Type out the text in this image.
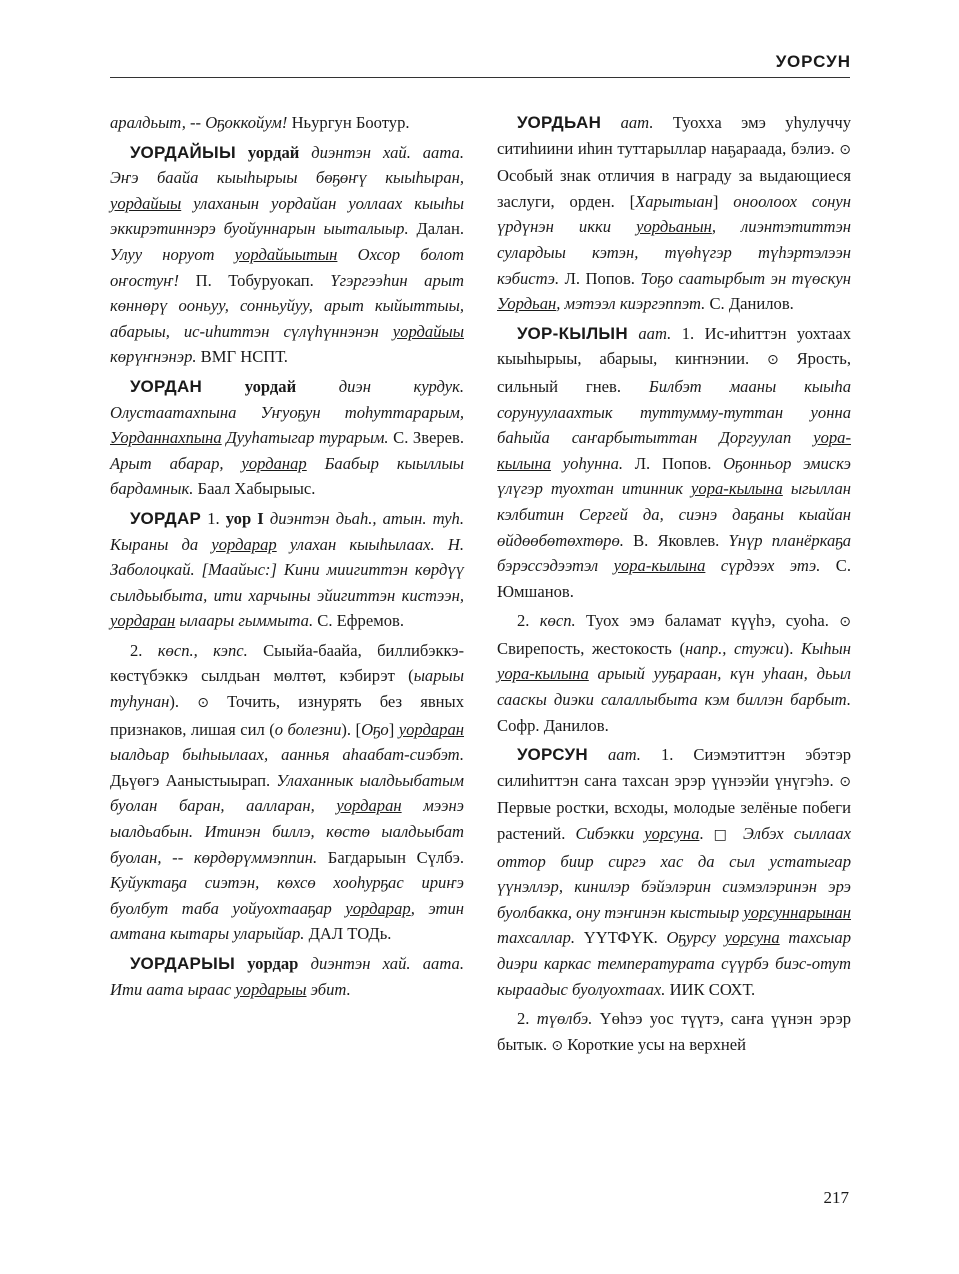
УОРСУН

аралдьыт, -- Оҕоккойум! Ньургун Боотур.

УОРДАЙЫЫ уордай диэнтэн хай. аата. Эҥэ баайа кыыһырыы бөҕөҥү кыыһыран, уордайыы улаханын уордайан уоллаах кыыһы эккирэтиннэрэ буойуннарын ыыталыыр. Далан. Улуу норуот уордайыытын Охсор болот оҥостуҥ! П. Тобуруокап. Үгэргээһин арыт көннөрү ооньуу, сонньуйуу, арыт кыйыттыы, абарыы, ис-иһиттэн сүлүһүннэнэн уордайыы көрүҥнэнэр. ВМГ НСПТ.

УОРДАН	уордай диэн курдук. Олустаатахпына Уҥуоҕун тоһуттарарым, Уорданнахпына Дууһатыгар турарым. С. Зверев. Арыт абарар, уорданар Баабыр кыыллыы бардамнык. Баал Хабырыыс.

УОРДАР 1. уор I диэнтэн дьаһ., атын. туһ. Кыраны да уордарар улахан кыыһылаах. Н. Заболоцкай. [Маайыс:] Кини миигиттэн көрдүү сылдьыбыта, ити харчыны эйигиттэн кистээн, уордаран ылаары гыммыта. С. Ефремов.

2. көсп., кэпс. Сыыйа-баайа, биллибэккэ-көстүбэккэ сылдьан мөлтөт, кэбирэт (ыарыы туһунан). ⊙ Точить, изнурять без явных признаков, лишая сил (о болезни). [Оҕо] уордаран ыалдьар быһыылаах, ааннья аһаабат-сиэбэт. Дьүөгэ Ааныстыырап. Улаханнык ыалдьыбатым буолан баран, аалларан, уордаран мээнэ ыалдьабын. Итинэн биллэ, көстө ыалдьыбат буолан, -- көрдөрүммэппин. Багдарыын Сүлбэ. Куйуктаҕа сиэтэн, көхсө хооһурҕас ириҥэ буолбут таба уойуохтааҕар уордарар, этин амтана кытары уларыйар. ДАЛ ТОДь.

УОРДАРЫЫ уордар диэнтэн хай. аата. Ити аата ыраас уордарыы эбит.

УОРДЬАН аат. Туохха эмэ уһулуччу ситиһиини иһин туттарыллар наҕараада, бэлиэ. ⊙ Особый знак отличия в награду за выдающиеся заслуги, орден. [Харытыан] оноолоох сонун үрдүнэн икки уордьанын, лиэнтэтиттэн сулардыы кэтэн, түөһүгэр түһэртэлээн кэбистэ. Л. Попов. Тоҕо саатырбыт эн түөскун Уордьан, мэтээл киэргэппэт. С. Данилов.

УОР-КЫЛЫН аат. 1. Ис-иһиттэн уохтаах кыыһырыы, абарыы, киҥнэнии. ⊙ Ярость, сильный гнев. Билбэт мааны кыыһа сорунуулаахтык туттумму-туттан уонна баһыйа саҥарбытыттан Доргуулап уора-кылына уоһунна. Л. Попов. Оҕонньор эмискэ үлүгэр туохтан итинник уора-кылына ыгыллан кэлбитин Сергей да, сиэнэ даҕаны кыайан өйдөөбөтөхтөрө. В. Яковлев. Үнүр планёркаҕа бэрэссэдээтэл уора-кылына сүрдээх этэ. С. Юмшанов.

2. көсп. Туох эмэ баламат күүһэ, суоһа. ⊙ Свирепость, жестокость (напр., стужи). Кыһын уора-кылына арыый ууҕараан, күн уһаан, дьыл сааскы диэки салаллыбыта кэм биллэн барбыт. Софр. Данилов.

УОРСУН аат. 1. Сиэмэтиттэн эбэтэр силиһиттэн саҥа тахсан эрэр үүнээйи үнүгэһэ. ⊙ Первые ростки, всходы, молодые зелёные побеги растений. Сибэкки уорсуна. □ Элбэх сыллаах оттор биир сиргэ хас да сыл устатыгар үүнэллэр, кинилэр бэйэлэрин сиэмэлэринэн эрэ буолбакка, ону тэҥинэн кыстыыр уорсуннарынан тахсаллар. ҮҮТФҮК. Оҕурсу уорсуна тахсыар диэри каркас температурата сүүрбэ биэс-отут кыраадыс буолуохтаах. ИИК СОХТ.

2. түөлбэ. Үөһээ уос түүтэ, саҥа үүнэн эрэр бытык. ⊙ Короткие усы на верхней

217
